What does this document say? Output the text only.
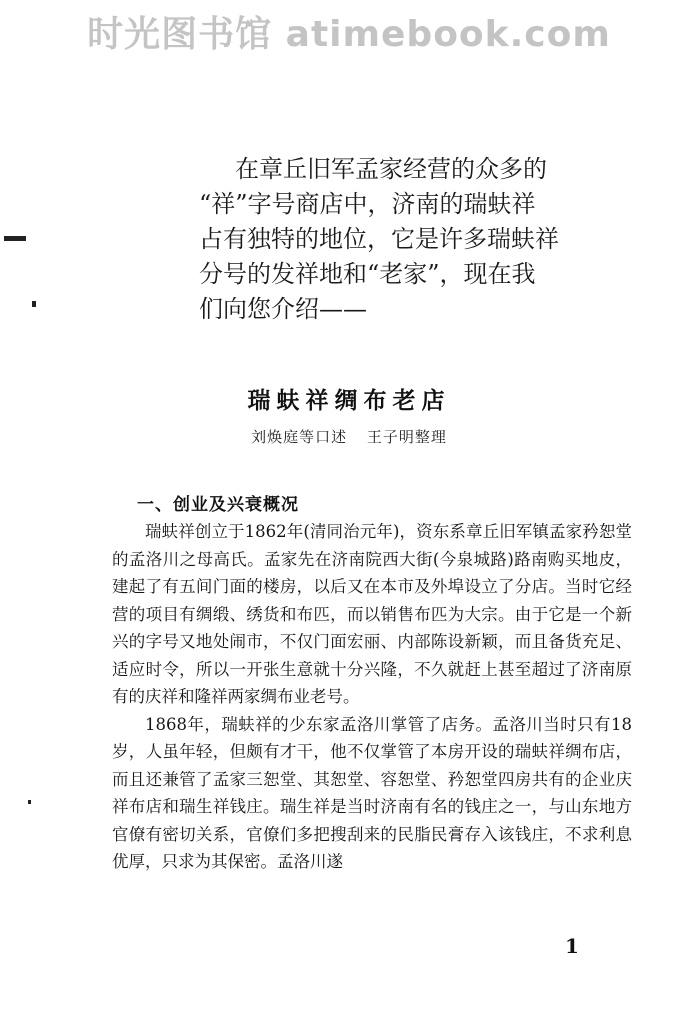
时光图书馆 atimebook.com

在章丘旧军孟家经营的众多的

“祥”字号商店中，济南的瑞蚨祥

占有独特的地位，它是许多瑞蚨祥

分号的发祥地和“老家”，现在我

们向您介绍——

瑞蚨祥绸布老店
刘焕庭等口述 王子明整理
一、创业及兴衰概况

瑞蚨祥创立于1862年(清同治元年)，资东系章丘旧军镇孟家矜恕堂的孟洛川之母高氏。孟家先在济南院西大街(今泉城路)路南购买地皮，建起了有五间门面的楼房，以后又在本市及外埠设立了分店。当时它经营的项目有绸缎、绣货和布匹，而以销售布匹为大宗。由于它是一个新兴的字号又地处闹市，不仅门面宏丽、内部陈设新颖，而且备货充足、适应时令，所以一开张生意就十分兴隆，不久就赶上甚至超过了济南原有的庆祥和隆祥两家绸布业老号。

1868年，瑞蚨祥的少东家孟洛川掌管了店务。孟洛川当时只有18岁，人虽年轻，但颇有才干，他不仅掌管了本房开设的瑞蚨祥绸布店，而且还兼管了孟家三恕堂、其恕堂、容恕堂、矜恕堂四房共有的企业庆祥布店和瑞生祥钱庄。瑞生祥是当时济南有名的钱庄之一，与山东地方官僚有密切关系，官僚们多把搜刮来的民脂民膏存入该钱庄，不求利息优厚，只求为其保密。孟洛川遂

1
